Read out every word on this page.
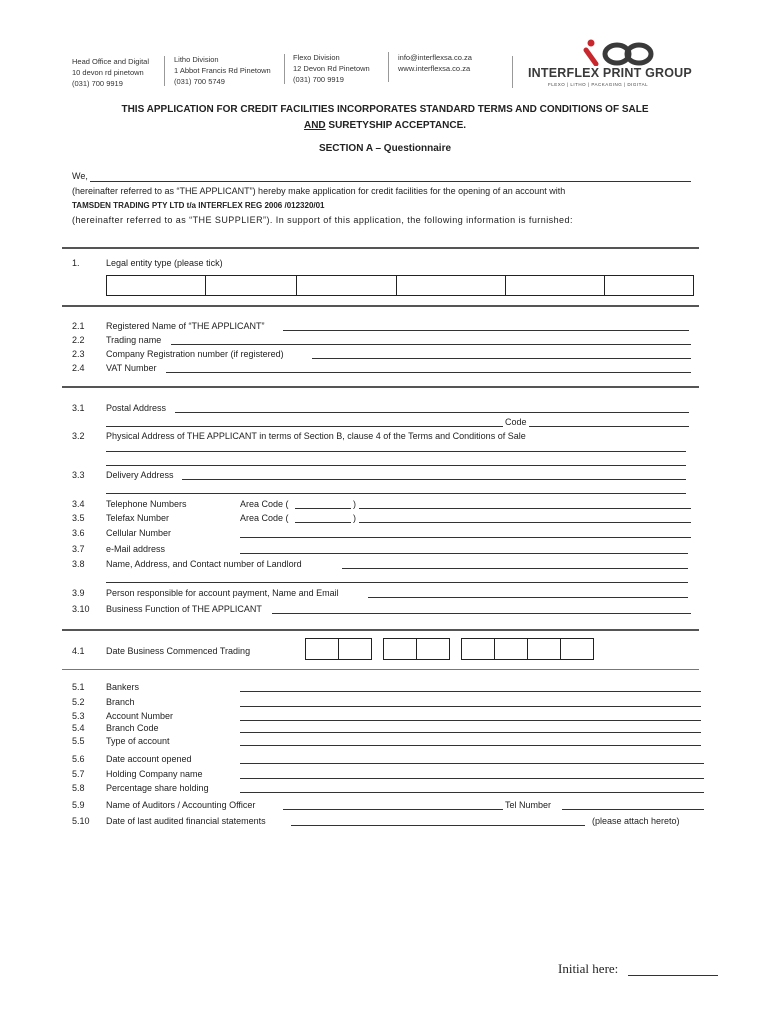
Head Office and Digital
10 devon rd pinetown
(031) 700 9919
Litho Division
1 Abbot Francis Rd Pinetown
(031) 700 5749
Flexo Division
12 Devon Rd Pinetown
(031) 700 9919
info@interflexsa.co.za
www.interflexsa.co.za	INTERFLEX PRINT GROUP
FLEXO | LITHO | PACKAGING | DIGITAL
THIS APPLICATION FOR CREDIT FACILITIES INCORPORATES STANDARD TERMS AND CONDITIONS OF SALE
AND SURETYSHIP ACCEPTANCE.
SECTION A – Questionnaire
We,
(hereinafter referred to as “THE APPLICANT”) hereby make application for credit facilities for the opening of an account with
TAMSDEN TRADING PTY LTD t/a INTERFLEX REG 2006 /012320/01
(hereinafter referred to as “THE SUPPLIER”). In support of this application, the following information is furnished:
1.	Legal entity type (please tick)
2.1 Registered Name of “THE APPLICANT”
2.2 Trading name
2.3 Company Registration number (if registered)
2.4 VAT Number
3.1 Postal Address
Code
3.2 Physical Address of THE APPLICANT in terms of Section B, clause 4 of the Terms and Conditions of Sale
3.3 Delivery Address
3.4 Telephone Numbers	Area Code (	)
3.5 Telefax Number	Area Code (	)
3.6 Cellular Number
3.7 e-Mail address
3.8 Name, Address, and Contact number of Landlord
3.9 Person responsible for account payment, Name and Email
3.10 Business Function of THE APPLICANT
4.1 Date Business Commenced Trading
5.1 Bankers
5.2 Branch
5.3 Account Number
5.4 Branch Code
5.5 Type of account
5.6 Date account opened
5.7 Holding Company name
5.8 Percentage share holding
5.9 Name of Auditors / Accounting Officer	Tel Number
5.10 Date of last audited financial statements	(please attach hereto)
Initial here:
